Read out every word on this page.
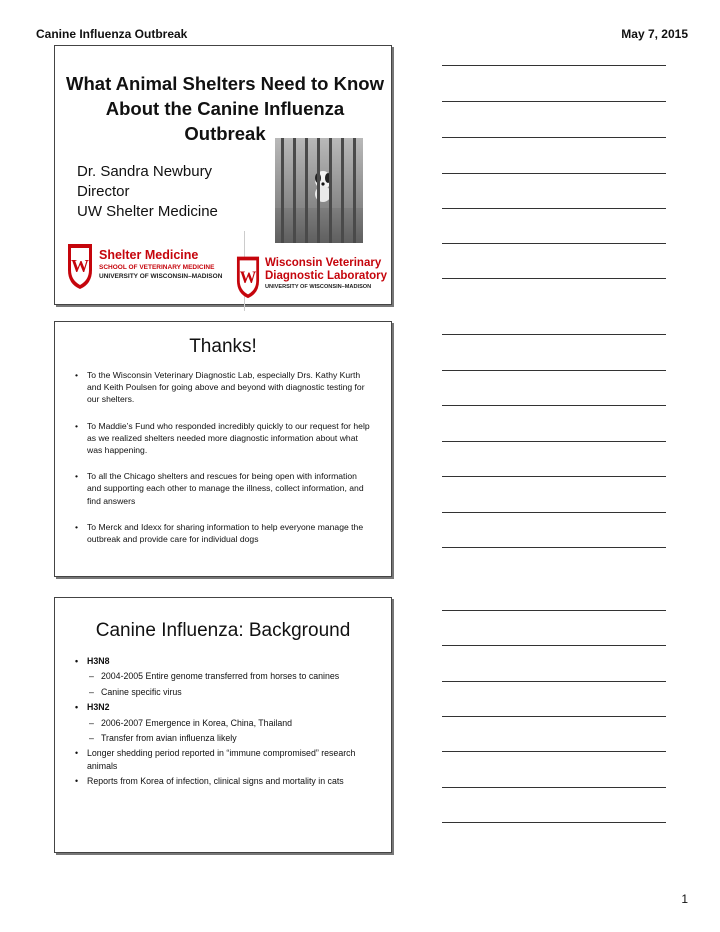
Canine Influenza Outbreak	May 7, 2015
What Animal Shelters Need to Know About the Canine Influenza Outbreak
Dr. Sandra Newbury
Director
UW Shelter Medicine
W
Shelter Medicine
SCHOOL OF VETERINARY MEDICINE
UNIVERSITY OF WISCONSIN–MADISON W
Wisconsin Veterinary
Diagnostic Laboratory
UNIVERSITY OF WISCONSIN–MADISON
Thanks!
• To the Wisconsin Veterinary Diagnostic Lab, especially Drs. Kathy Kurth and Keith Poulsen for going above and beyond with diagnostic testing for our shelters.
• To Maddie’s Fund who responded incredibly quickly to our request for help as we realized shelters needed more diagnostic information about what was happening.
• To all the Chicago shelters and rescues for being open with information and supporting each other to manage the illness, collect information, and find answers
• To Merck and Idexx for sharing information to help everyone manage the outbreak and provide care for individual dogs
Canine Influenza: Background
• H3N8
– 2004-2005 Entire genome transferred from horses to canines
– Canine specific virus
• H3N2
– 2006-2007 Emergence in Korea, China, Thailand
– Transfer from avian influenza likely
• Longer shedding period reported in “immune compromised” research animals
• Reports from Korea of infection, clinical signs and mortality in cats
1
